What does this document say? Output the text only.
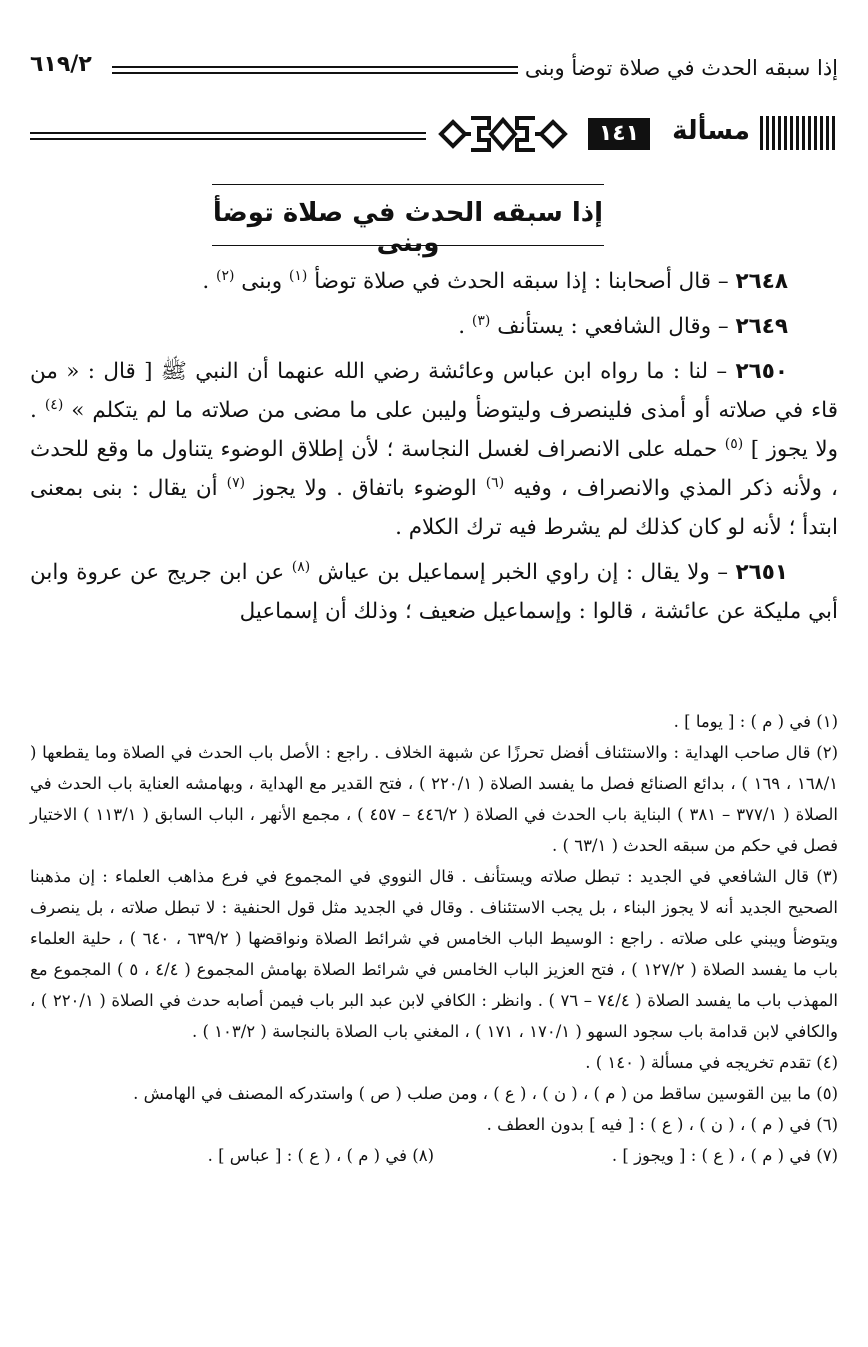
إذا سبقه الحدث في صلاة توضأ وبنى
٦١٩/٢
مسألة
١٤١
إذا سبقه الحدث في صلاة توضأ وبنى

٢٦٤٨ – قال أصحابنا : إذا سبقه الحدث في صلاة توضأ $^{(١)}$ وبنى $^{(٢)}$ .

٢٦٤٩ – وقال الشافعي : يستأنف $^{(٣)}$ .

٢٦٥٠ – لنا : ما رواه ابن عباس وعائشة رضي الله عنهما أن النبي ﷺ [ قال : « من قاء في صلاته أو أمذى فلينصرف وليتوضأ وليبن على ما مضى من صلاته ما لم يتكلم » $^{(٤)}$ . ولا يجوز ] $^{(٥)}$ حمله على الانصراف لغسل النجاسة ؛ لأن إطلاق الوضوء يتناول ما وقع للحدث ، ولأنه ذكر المذي والانصراف ، وفيه $^{(٦)}$ الوضوء باتفاق . ولا يجوز $^{(٧)}$ أن يقال : بنى بمعنى ابتدأ ؛ لأنه لو كان كذلك لم يشرط فيه ترك الكلام .

٢٦٥١ – ولا يقال : إن راوي الخبر إسماعيل بن عياش $^{(٨)}$ عن ابن جريج عن عروة وابن أبي مليكة عن عائشة ، قالوا : وإسماعيل ضعيف ؛ وذلك أن إسماعيل

(١) في ( م ) : [ يوما ] .

(٢) قال صاحب الهداية : والاستئناف أفضل تحرزًا عن شبهة الخلاف . راجع : الأصل باب الحدث في الصلاة وما يقطعها ( ١٦٨/١ ، ١٦٩ ) ، بدائع الصنائع فصل ما يفسد الصلاة ( ٢٢٠/١ ) ، فتح القدير مع الهداية ، وبهامشه العناية باب الحدث في الصلاة ( ٣٧٧/١ – ٣٨١ ) البناية باب الحدث في الصلاة ( ٤٤٦/٢ – ٤٥٧ ) ، مجمع الأنهر ، الباب السابق ( ١١٣/١ ) الاختيار فصل في حكم من سبقه الحدث ( ٦٣/١ ) .

(٣) قال الشافعي في الجديد : تبطل صلاته ويستأنف . قال النووي في المجموع في فرع مذاهب العلماء : إن مذهبنا الصحيح الجديد أنه لا يجوز البناء ، بل يجب الاستئناف . وقال في الجديد مثل قول الحنفية : لا تبطل صلاته ، بل ينصرف ويتوضأ ويبني على صلاته . راجع : الوسيط الباب الخامس في شرائط الصلاة ونواقضها ( ٦٣٩/٢ ، ٦٤٠ ) ، حلية العلماء باب ما يفسد الصلاة ( ١٢٧/٢ ) ، فتح العزيز الباب الخامس في شرائط الصلاة بهامش المجموع ( ٤/٤ ، ٥ ) المجموع مع المهذب باب ما يفسد الصلاة ( ٧٤/٤ – ٧٦ ) . وانظر : الكافي لابن عبد البر باب فيمن أصابه حدث في الصلاة ( ٢٢٠/١ ) ، والكافي لابن قدامة باب سجود السهو ( ١٧٠/١ ، ١٧١ ) ، المغني باب الصلاة بالنجاسة ( ١٠٣/٢ ) .

(٤) تقدم تخريجه في مسألة ( ١٤٠ ) .

(٥) ما بين القوسين ساقط من ( م ) ، ( ن ) ، ( ع ) ، ومن صلب ( ص ) واستدركه المصنف في الهامش .

(٦) في ( م ) ، ( ن ) ، ( ع ) : [ فيه ] بدون العطف .

(٧) في ( م ) ، ( ع ) : [ ويجوز ] .

(٨) في ( م ) ، ( ع ) : [ عباس ] .
